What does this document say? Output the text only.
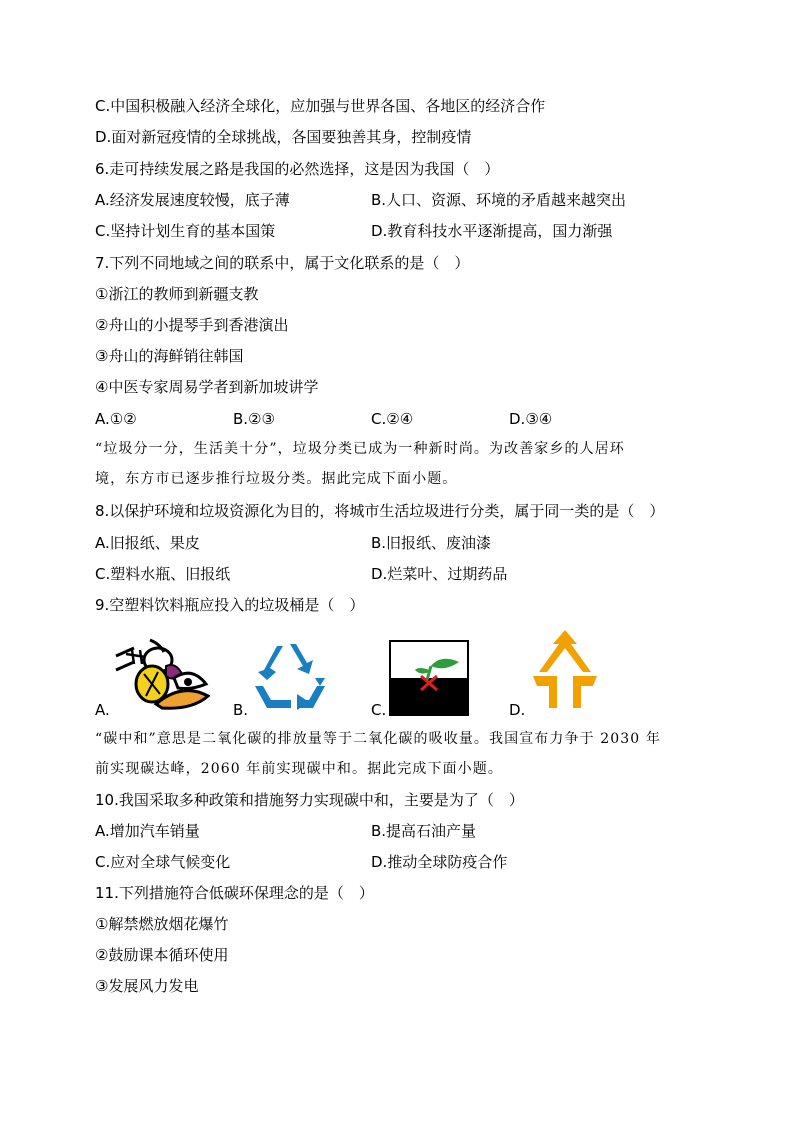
C.中国积极融入经济全球化，应加强与世界各国、各地区的经济合作
D.面对新冠疫情的全球挑战，各国要独善其身，控制疫情
6.走可持续发展之路是我国的必然选择，这是因为我国（　）
A.经济发展速度较慢，底子薄	B.人口、资源、环境的矛盾越来越突出
C.坚持计划生育的基本国策	D.教育科技水平逐渐提高，国力渐强
7.下列不同地域之间的联系中，属于文化联系的是（　）
①浙江的教师到新疆支教
②舟山的小提琴手到香港演出
③舟山的海鲜销往韩国
④中医专家周易学者到新加坡讲学
A.①②	B.②③	C.②④	D.③④
“垃圾分一分，生活美十分”，垃圾分类已成为一种新时尚。为改善家乡的人居环
境，东方市已逐步推行垃圾分类。据此完成下面小题。
8.以保护环境和垃圾资源化为目的，将城市生活垃圾进行分类，属于同一类的是（　）
A.旧报纸、果皮	B.旧报纸、废油漆
C.塑料水瓶、旧报纸	D.烂菜叶、过期药品
9.空塑料饮料瓶应投入的垃圾桶是（　）
A.	B.	C.	D.
“碳中和”意思是二氧化碳的排放量等于二氧化碳的吸收量。我国宣布力争于 2030 年
前实现碳达峰，2060 年前实现碳中和。据此完成下面小题。
10.我国采取多种政策和措施努力实现碳中和，主要是为了（　）
A.增加汽车销量	B.提高石油产量
C.应对全球气候变化	D.推动全球防疫合作
11.下列措施符合低碳环保理念的是（　）
①解禁燃放烟花爆竹
②鼓励课本循环使用
③发展风力发电
